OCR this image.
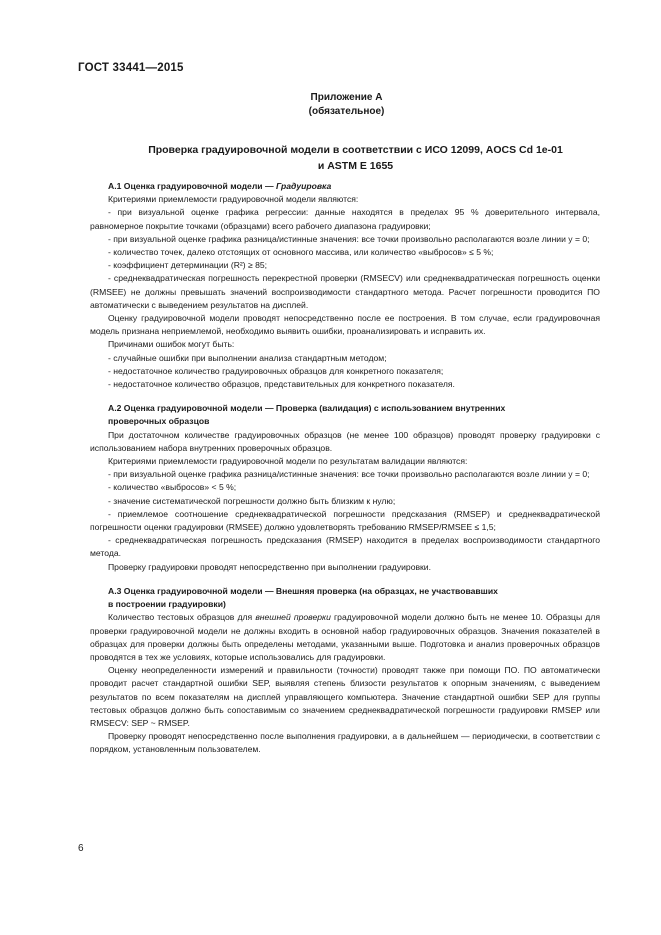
ГОСТ 33441—2015
Приложение А
(обязательное)
Проверка градуировочной модели в соответствии с ИСО 12099, AOCS Cd 1e-01
и ASTM E 1655
А.1 Оценка градуировочной модели — Градуировка
Критериями приемлемости градуировочной модели являются:
- при визуальной оценке графика регрессии: данные находятся в пределах 95 % доверительного интервала, равномерное покрытие точками (образцами) всего рабочего диапазона градуировки;
- при визуальной оценке графика разница/истинные значения: все точки произвольно располагаются возле линии y = 0;
- количество точек, далеко отстоящих от основного массива, или количество «выбросов» ≤ 5 %;
- коэффициент детерминации (R²) ≥ 85;
- среднеквадратическая погрешность перекрестной проверки (RMSECV) или среднеквадратическая погрешность оценки (RMSEE) не должны превышать значений воспроизводимости стандартного метода. Расчет погрешности проводится ПО автоматически с выведением результатов на дисплей.
Оценку градуировочной модели проводят непосредственно после ее построения. В том случае, если градуировочная модель признана неприемлемой, необходимо выявить ошибки, проанализировать и исправить их.
Причинами ошибок могут быть:
- случайные ошибки при выполнении анализа стандартным методом;
- недостаточное количество градуировочных образцов для конкретного показателя;
- недостаточное количество образцов, представительных для конкретного показателя.
А.2 Оценка градуировочной модели — Проверка (валидация) с использованием внутренних
проверочных образцов
При достаточном количестве градуировочных образцов (не менее 100 образцов) проводят проверку градуировки с использованием набора внутренних проверочных образцов.
Критериями приемлемости градуировочной модели по результатам валидации являются:
- при визуальной оценке графика разница/истинные значения: все точки произвольно располагаются возле линии y = 0;
- количество «выбросов» < 5 %;
- значение систематической погрешности должно быть близким к нулю;
- приемлемое соотношение среднеквадратической погрешности предсказания (RMSEP) и среднеквадратической погрешности оценки градуировки (RMSEE) должно удовлетворять требованию RMSEP/RMSEE ≤ 1,5;
- среднеквадратическая погрешность предсказания (RMSEP) находится в пределах воспроизводимости стандартного метода.
Проверку градуировки проводят непосредственно при выполнении градуировки.
А.3 Оценка градуировочной модели — Внешняя проверка (на образцах, не участвовавших
в построении градуировки)
Количество тестовых образцов для внешней проверки градуировочной модели должно быть не менее 10. Образцы для проверки градуировочной модели не должны входить в основной набор градуировочных образцов. Значения показателей в образцах для проверки должны быть определены методами, указанными выше. Подготовка и анализ проверочных образцов проводятся в тех же условиях, которые использовались для градуировки.
Оценку неопределенности измерений и правильности (точности) проводят также при помощи ПО. ПО автоматически проводит расчет стандартной ошибки SEP, выявляя степень близости результатов к опорным значениям, с выведением результатов по всем показателям на дисплей управляющего компьютера. Значение стандартной ошибки SEP для группы тестовых образцов должно быть сопоставимым со значением среднеквадратической погрешности градуировки RMSEP или RMSECV: SEP ~ RMSEP.
Проверку проводят непосредственно после выполнения градуировки, а в дальнейшем — периодически, в соответствии с порядком, установленным пользователем.
6
